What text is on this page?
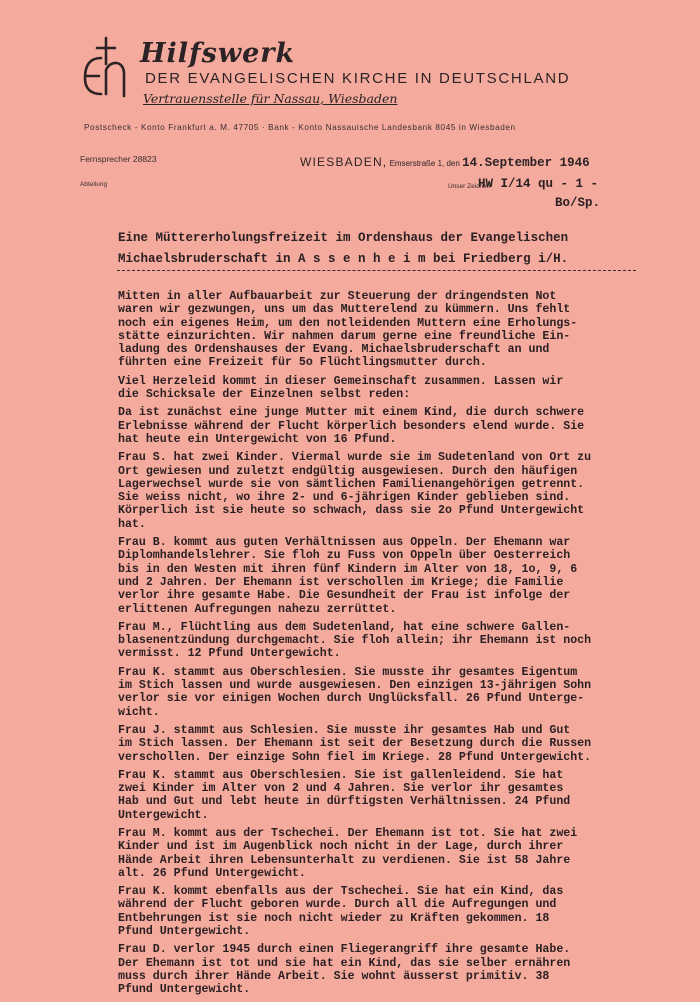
Hilfswerk
DER EVANGELISCHEN KIRCHE IN DEUTSCHLAND
Vertrauensstelle für Nassau, Wiesbaden
Postscheck - Konto Frankfurt a. M. 47705 · Bank - Konto Nassauische Landesbank 8045 in Wiesbaden
Fernsprecher 28823
Abteilung
WIESBADEN, Emserstraße 1, den 14.September 1946
Unser Zeichen
HW I/14 qu - 1 -
Bo/Sp.
Eine Müttererholungsfreizeit im Ordenshaus der Evangelischen
Michaelsbruderschaft in A s s e n h e i m bei Friedberg i/H.
Mitten in aller Aufbauarbeit zur Steuerung der dringendsten Not
waren wir gezwungen, uns um das Mutterelend zu kümmern. Uns fehlt
noch ein eigenes Heim, um den notleidenden Muttern eine Erholungs-
stätte einzurichten. Wir nahmen darum gerne eine freundliche Ein-
ladung des Ordenshauses der Evang. Michaelsbruderschaft an und
führten eine Freizeit für 5o Flüchtlingsmutter durch.
Viel Herzeleid kommt in dieser Gemeinschaft zusammen. Lassen wir
die Schicksale der Einzelnen selbst reden:
Da ist zunächst eine junge Mutter mit einem Kind, die durch schwere
Erlebnisse während der Flucht körperlich besonders elend wurde. Sie
hat heute ein Untergewicht von 16 Pfund.
Frau S. hat zwei Kinder. Viermal wurde sie im Sudetenland von Ort zu
Ort gewiesen und zuletzt endgültig ausgewiesen. Durch den häufigen
Lagerwechsel wurde sie von sämtlichen Familienangehörigen getrennt.
Sie weiss nicht, wo ihre 2- und 6-jährigen Kinder geblieben sind.
Körperlich ist sie heute so schwach, dass sie 2o Pfund Untergewicht
hat.
Frau B. kommt aus guten Verhältnissen aus Oppeln. Der Ehemann war
Diplomhandelslehrer. Sie floh zu Fuss von Oppeln über Oesterreich
bis in den Westen mit ihren fünf Kindern im Alter von 18, 1o, 9, 6
und 2 Jahren. Der Ehemann ist verschollen im Kriege; die Familie
verlor ihre gesamte Habe. Die Gesundheit der Frau ist infolge der
erlittenen Aufregungen nahezu zerrüttet.
Frau M., Flüchtling aus dem Sudetenland, hat eine schwere Gallen-
blasenentzündung durchgemacht. Sie floh allein; ihr Ehemann ist noch
vermisst. 12 Pfund Untergewicht.
Frau K. stammt aus Oberschlesien. Sie musste ihr gesamtes Eigentum
im Stich lassen und wurde ausgewiesen. Den einzigen 13-jährigen Sohn
verlor sie vor einigen Wochen durch Unglücksfall. 26 Pfund Unterge-
wicht.
Frau J. stammt aus Schlesien. Sie musste ihr gesamtes Hab und Gut
im Stich lassen. Der Ehemann ist seit der Besetzung durch die Russen
verschollen. Der einzige Sohn fiel im Kriege. 28 Pfund Untergewicht.
Frau K. stammt aus Oberschlesien. Sie ist gallenleidend. Sie hat
zwei Kinder im Alter von 2 und 4 Jahren. Sie verlor ihr gesamtes
Hab und Gut und lebt heute in dürftigsten Verhältnissen. 24 Pfund
Untergewicht.
Frau M. kommt aus der Tschechei. Der Ehemann ist tot. Sie hat zwei
Kinder und ist im Augenblick noch nicht in der Lage, durch ihrer
Hände Arbeit ihren Lebensunterhalt zu verdienen. Sie ist 58 Jahre
alt. 26 Pfund Untergewicht.
Frau K. kommt ebenfalls aus der Tschechei. Sie hat ein Kind, das
während der Flucht geboren wurde. Durch all die Aufregungen und
Entbehrungen ist sie noch nicht wieder zu Kräften gekommen. 18
Pfund Untergewicht.
Frau D. verlor 1945 durch einen Fliegerangriff ihre gesamte Habe.
Der Ehemann ist tot und sie hat ein Kind, das sie selber ernähren
muss durch ihrer Hände Arbeit. Sie wohnt äusserst primitiv. 38
Pfund Untergewicht.
